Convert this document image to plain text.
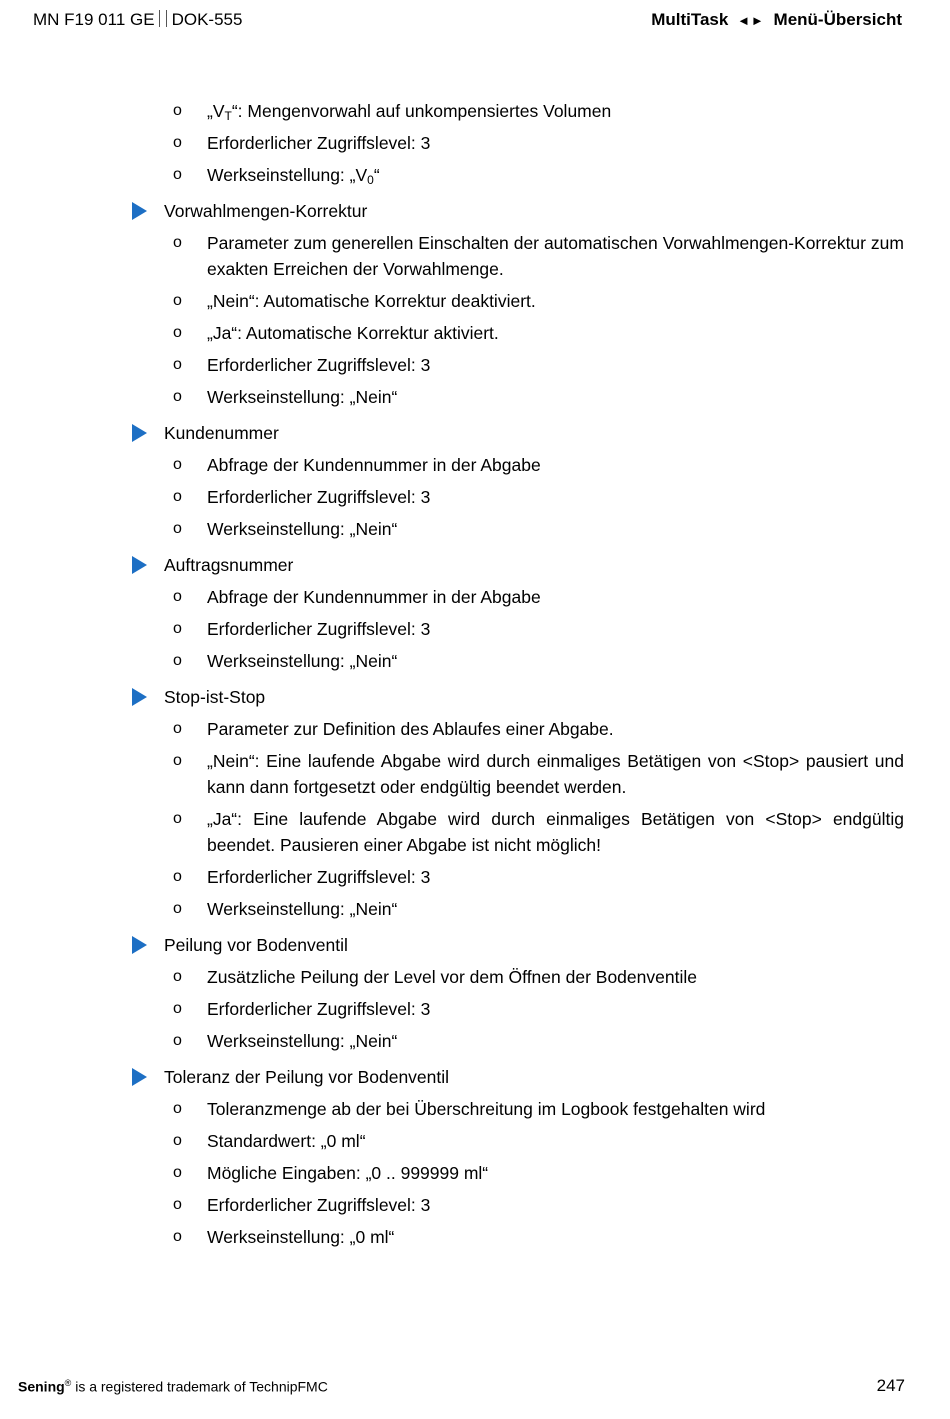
MN F19 011 GE DOK-555	MultiTask ◄► Menü-Übersicht
o $„V_T“$: Mengenvorwahl auf unkompensiertes Volumen
o Erforderlicher Zugriffslevel: 3
o Werkseinstellung: $„V_0“$
Vorwahlmengen-Korrektur
o Parameter zum generellen Einschalten der automatischen Vorwahlmengen-Korrektur zum exakten Erreichen der Vorwahlmenge.
o „Nein“: Automatische Korrektur deaktiviert.
o „Ja“: Automatische Korrektur aktiviert.
o Erforderlicher Zugriffslevel: 3
o Werkseinstellung: „Nein“
Kundenummer
o Abfrage der Kundennummer in der Abgabe
o Erforderlicher Zugriffslevel: 3
o Werkseinstellung: „Nein“
Auftragsnummer
o Abfrage der Kundennummer in der Abgabe
o Erforderlicher Zugriffslevel: 3
o Werkseinstellung: „Nein“
Stop-ist-Stop
o Parameter zur Definition des Ablaufes einer Abgabe.
o „Nein“: Eine laufende Abgabe wird durch einmaliges Betätigen von <Stop> pausiert und kann dann fortgesetzt oder endgültig beendet werden.
o „Ja“: Eine laufende Abgabe wird durch einmaliges Betätigen von <Stop> endgültig beendet. Pausieren einer Abgabe ist nicht möglich!
o Erforderlicher Zugriffslevel: 3
o Werkseinstellung: „Nein“
Peilung vor Bodenventil
o Zusätzliche Peilung der Level vor dem Öffnen der Bodenventile
o Erforderlicher Zugriffslevel: 3
o Werkseinstellung: „Nein“
Toleranz der Peilung vor Bodenventil
o Toleranzmenge ab der bei Überschreitung im Logbook festgehalten wird
o Standardwert: „0 ml“
o Mögliche Eingaben: „0 .. 999999 ml“
o Erforderlicher Zugriffslevel: 3
o Werkseinstellung: „0 ml“
Sening® is a registered trademark of TechnipFMC	247
